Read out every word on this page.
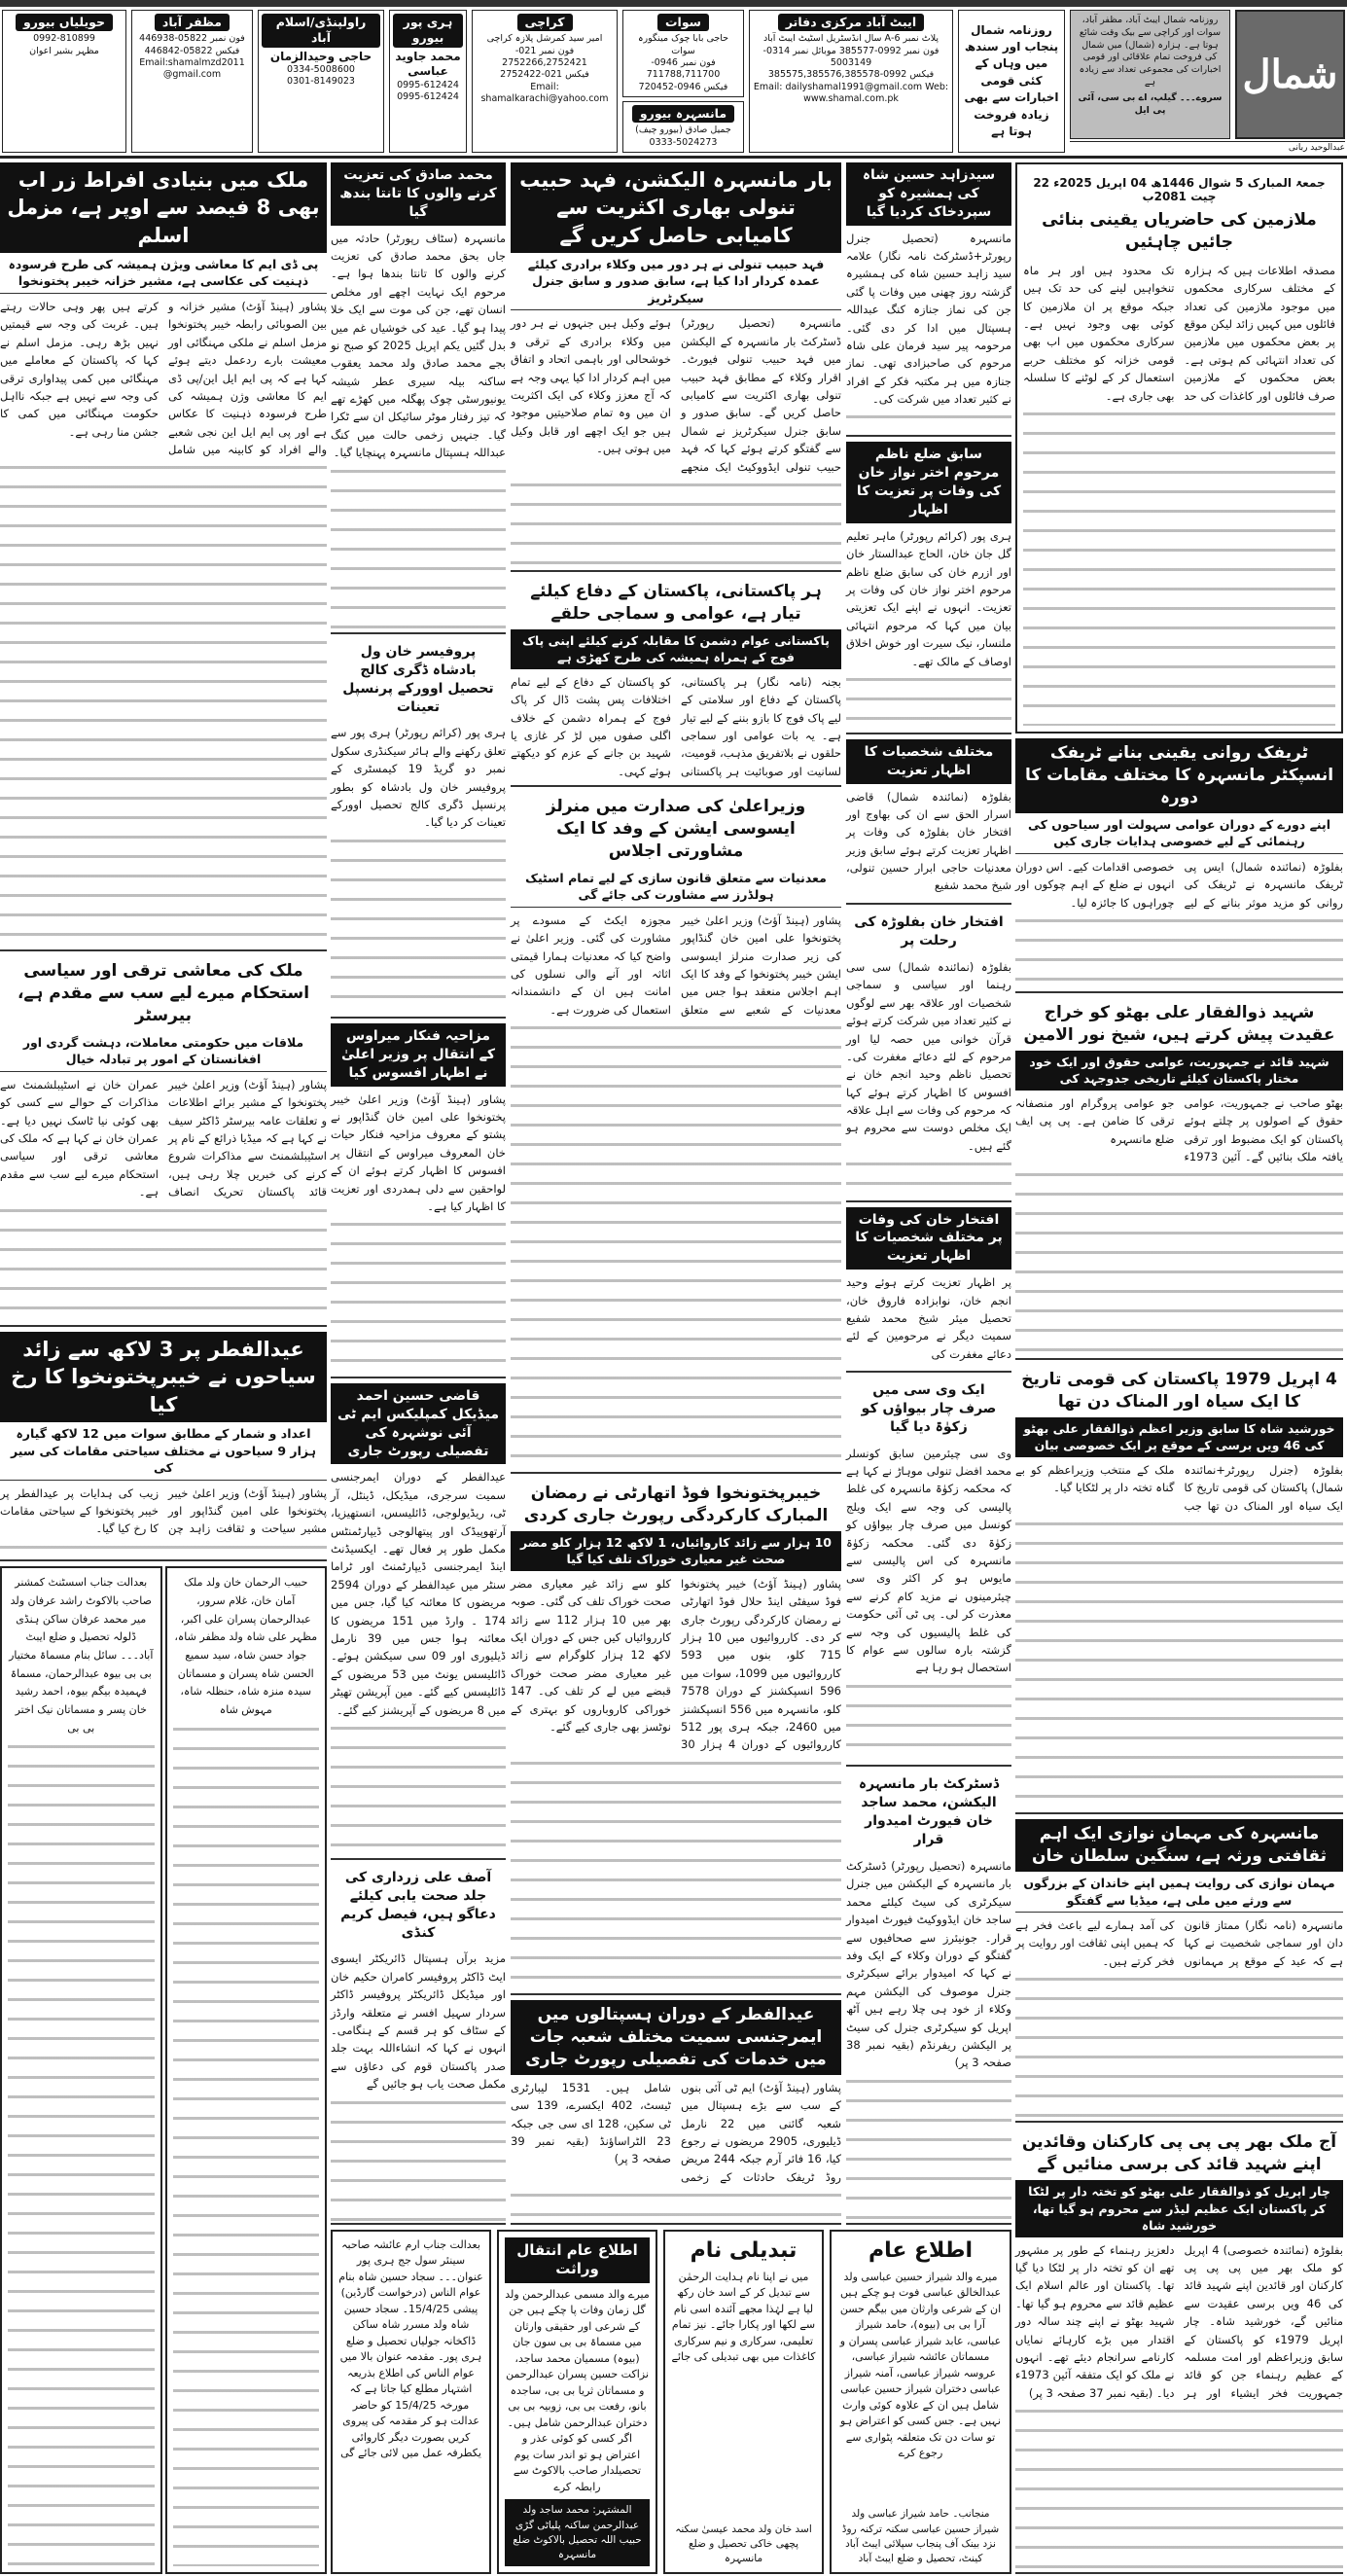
حویلیاں بیورو
0992-810899
مظہر بشیر اعوان
مظفر آباد
فون نمبر 05822-446938
فیکس 05822-446842
Email:shamalmzd2011@gmail.com
راولپنڈی/اسلام آباد
حاجی وحیدالزمان
0334-5008600
0301-8149023
ہری پور بیورو
محمد جاوید عباسی
0995-612424
0995-612424
کراچی
امیر سید کمرشل پلازہ کراچی
فون نمبر 021-2752266,2752421
فیکس 021-2752422
Email: shamalkarachi@yahoo.com
سوات
حاجی بابا چوک مینگورہ سوات
فون نمبر 0946-711788,711700
فیکس 0946-720452
مانسہرہ بیورو
جمیل صادق (بیورو چیف)
0333-5024273
ایبٹ آباد مرکزی دفاتر
پلاٹ نمبر 6-A سال انڈسٹریل اسٹیٹ ایبٹ آباد
فون نمبر 0992-385577 موبائل نمبر 0314-5003149
فیکس 0992-385575,385576,385578
Email: dailyshamal1991@gmail.com Web: www.shamal.com.pk
روزنامہ شمال پنجاب اور سندھ میں وہاں کے کئی قومی اخبارات سے بھی زیادہ فروخت ہوتا ہے
روزنامہ شمال ایبٹ آباد، مظفر آباد، سوات اور کراچی سے بیک وقت شائع ہوتا ہے۔ ہزارہ (شمال) میں شمال کی فروخت تمام علاقائی اور قومی اخبارات کی مجموعی تعداد سے زیادہ ہے
سروے۔۔۔ گیلپ، اے بی سی، آئی پی ایل
شمال
عبدالوحید ربانی
ملک میں بنیادی افراط زر اب بھی 8 فیصد سے اوپر ہے، مزمل اسلم
پی ڈی ایم کا معاشی ویژن ہمیشہ کی طرح فرسودہ ذہنیت کی عکاسی ہے، مشیر خزانہ خیبر پختونخوا

پشاور (ہینڈ آؤٹ) مشیر خزانہ و بین الصوبائی رابطہ خیبر پختونخوا مزمل اسلم نے ملکی مہنگائی اور معیشت بارے ردعمل دیتے ہوئے کہا ہے کہ پی ایم ایل این/پی ڈی ایم کا معاشی وژن ہمیشہ کی طرح فرسودہ ذہنیت کا عکاس ہے اور پی ایم ایل این نجی شعبے والے افراد کو کابینہ میں شامل کرتے ہیں پھر وہی حالات رہتے ہیں۔ غربت کی وجہ سے قیمتیں نہیں بڑھ رہی۔ مزمل اسلم نے کہا کہ پاکستان کے معاملے میں مہنگائی میں کمی پیداواری ترقی کی وجہ سے نہیں ہے جبکہ نااہل حکومت مہنگائی میں کمی کا جشن منا رہی ہے۔

ملک کی معاشی ترقی اور سیاسی استحکام میرے لیے سب سے مقدم ہے، بیرسٹر
ملاقات میں حکومتی معاملات، دہشت گردی اور افغانستان کے امور پر تبادلہ خیال

پشاور (ہینڈ آؤٹ) وزیر اعلیٰ خیبر پختونخوا کے مشیر برائے اطلاعات و تعلقات عامہ بیرسٹر ڈاکٹر سیف نے کہا ہے کہ میڈیا ذرائع کے نام پر اسٹیبلشمنٹ سے مذاکرات شروع کرنے کی خبریں چلا رہی ہیں، قائد پاکستان تحریک انصاف عمران خان نے اسٹیبلشمنٹ سے مذاکرات کے حوالے سے کسی کو بھی کوئی نیا ٹاسک نہیں دیا ہے۔ عمران خان نے کہا ہے کہ ملک کی معاشی ترقی اور سیاسی استحکام میرے لیے سب سے مقدم ہے۔

عیدالفطر پر 3 لاکھ سے زائد سیاحوں نے خیبرپختونخوا کا رخ کیا
اعداد و شمار کے مطابق سوات میں 12 لاکھ گیارہ ہزار 9 سیاحوں نے مختلف سیاحتی مقامات کی سیر کی

پشاور (ہینڈ آؤٹ) وزیر اعلیٰ خیبر پختونخوا علی امین گنڈاپور اور مشیر سیاحت و ثقافت زاہد چن زیب کی ہدایات پر عیدالفطر پر خیبر پختونخوا کے سیاحتی مقامات کا رخ کیا گیا۔

بعدالت جناب اسسٹنٹ کمشنر صاحب بالاکوٹ راشد عرفان ولد میر محمد عرفان ساکن ہنڈی ڈلولہ تحصیل و ضلع ایبٹ آباد۔۔۔ سائل بنام مسماۃ مختیار بی بی بیوہ عبدالرحمان، مسماۃ فہمیدہ بیگم بیوہ، احمد رشید خان پسر و مسماتان نیک اختر بی بی
حبیب الرحمان خان ولد ملک آمان خان، غلام سرور، عبدالرحمان پسران علی اکبر، مظہر علی شاہ ولد مظفر شاہ، جواد حسن شاہ، سید سمیع الحسن شاہ پسران و مسماتان سیدہ منزہ شاہ، حنظلہ شاہ، مہوش شاہ
محمد صادق کی تعزیت کرنے والوں کا تانتا بندھ گیا

مانسہرہ (سٹاف رپورٹر) حادثہ میں جاں بحق محمد صادق کی تعزیت کرنے والوں کا تانتا بندھا ہوا ہے۔ مرحوم ایک نہایت اچھے اور مخلص انسان تھے، جن کی موت سے ایک خلا پیدا ہو گیا۔ عید کی خوشیاں غم میں بدل گئیں یکم اپریل 2025 کو صبح نو بجے محمد صادق ولد محمد یعقوب ساکنہ بیلہ سیری عطر شیشہ یونیورسٹی چوک پھگلہ میں کھڑے تھے کہ تیز رفتار موٹر سائیکل ان سے ٹکرا گیا۔ جنہیں زخمی حالت میں کنگ عبداللہ ہسپتال مانسہرہ پہنچایا گیا۔

پروفیسر خان ول بادشاہ ڈگری کالج تحصیل اوورکے پرنسپل تعینات

ہری پور (کرائم رپورٹر) ہری پور سے تعلق رکھنے والے ہائر سیکنڈری سکول نمبر دو گریڈ 19 کیمسٹری کے پروفیسر خان ول بادشاہ کو بطور پرنسپل ڈگری کالج تحصیل اوورکے تعینات کر دیا گیا۔

مزاحیہ فنکار میراوس کے انتقال پر وزیر اعلیٰ نے اظہار افسوس کیا

پشاور (ہینڈ آؤٹ) وزیر اعلیٰ خیبر پختونخوا علی امین خان گنڈاپور نے پشتو کے معروف مزاحیہ فنکار حیات خان المعروف میراوس کے انتقال پر افسوس کا اظہار کرتے ہوئے ان کے لواحقین سے دلی ہمدردی اور تعزیت کا اظہار کیا ہے۔

قاضی حسین احمد میڈیکل کمپلیکس ایم ٹی آئی نوشہرہ کی تفصیلی رپورٹ جاری

عیدالفطر کے دوران ایمرجنسی سمیت سرجری، میڈیکل، ڈینٹل، آر ٹی، ریڈیولوجی، ڈائلیسس، انستھیزیا، آرتھوپیڈک اور پیتھالوجی ڈیپارٹمنٹس مکمل طور پر فعال تھے۔ ایکسیڈنٹ اینڈ ایمرجنسی ڈیپارٹمنٹ اور ٹراما سنٹر میں عیدالفطر کے دوران 2594 مریضوں کا معائنہ کیا گیا، جس میں 174 ۔ وارڈ میں 151 مریضوں کا معائنہ ہوا جس میں 39 نارمل ڈیلیوری اور 09 سی سیکشن ہوئے۔ ڈائلیسس یونٹ میں 53 مریضوں کے ڈائلیسس کیے گئے۔ مین آپریشن تھیٹر میں 8 مریضوں کے آپریشنز کیے گئے۔

آصف علی زرداری کی جلد صحت یابی کیلئے دعاگو ہیں، فیصل کریم کنڈی

مزید برآں ہسپتال ڈائریکٹر ایسوی ایٹ ڈاکٹر پروفیسر کامران حکیم خان اور میڈیکل ڈائریکٹر پروفیسر ڈاکٹر سردار سہیل افسر نے متعلقہ وارڈز کے سٹاف کو ہر قسم کے ہنگامی۔ انہوں نے کہا کہ انشاءاللہ بہت جلد صدر پاکستان قوم کی دعاؤں سے مکمل صحت یاب ہو جائیں گے

بار مانسہرہ الیکشن، فہد حبیب تنولی بھاری اکثریت سے کامیابی حاصل کریں گے
فہد حبیب تنولی نے ہر دور میں وکلاء برادری کیلئے عمدہ کردار ادا کیا ہے، سابق صدور و سابق جنرل سیکرٹریز

مانسہرہ (تحصیل رپورٹر) ڈسٹرکٹ بار مانسہرہ کے الیکشن میں فہد حبیب تنولی فیورٹ۔ اقرار وکلاء کے مطابق فہد حبیب تنولی بھاری اکثریت سے کامیابی حاصل کریں گے۔ سابق صدور و سابق جنرل سیکرٹریز نے شمال سے گفتگو کرتے ہوئے کہا کہ فہد حبیب تنولی ایڈووکیٹ ایک منجھے ہوئے وکیل ہیں جنہوں نے ہر دور میں وکلاء برادری کے ترقی و خوشحالی اور باہمی اتحاد و اتفاق میں اہم کردار ادا کیا یہی وجہ ہے کہ آج معزز وکلاء کی ایک اکثریت ان میں وہ تمام صلاحیتیں موجود ہیں جو ایک اچھے اور قابل وکیل میں ہوتی ہیں۔

ہر پاکستانی، پاکستان کے دفاع کیلئے تیار ہے، عوامی و سماجی حلقے
پاکستانی عوام دشمن کا مقابلہ کرنے کیلئے اپنی پاک فوج کے ہمراہ ہمیشہ کی طرح کھڑی ہے

بجنہ (نامہ نگار) ہر پاکستانی، پاکستان کے دفاع اور سلامتی کے لیے پاک فوج کا بازو بننے کے لیے تیار ہے۔ یہ بات عوامی اور سماجی حلقوں نے بلاتفریق مذہب، قومیت، لسانیت اور صوبائیت ہر پاکستانی کو پاکستان کے دفاع کے لیے تمام اختلافات پس پشت ڈال کر پاک فوج کے ہمراہ دشمن کے خلاف اگلی صفوں میں لڑ کر غازی یا شہید بن جانے کے عزم کو دیکھتے ہوئے کہی۔

وزیراعلیٰ کی صدارت میں منرلز ایسوسی ایشن کے وفد کا ایک مشاورتی اجلاس
معدنیات سے متعلق قانون سازی کے لیے تمام اسٹیک ہولڈرز سے مشاورت کی جائے گی

پشاور (ہینڈ آؤٹ) وزیر اعلیٰ خیبر پختونخوا علی امین خان گنڈاپور کی زیر صدارت منرلز ایسوسی ایشن خیبر پختونخوا کے وفد کا ایک اہم اجلاس منعقد ہوا جس میں معدنیات کے شعبے سے متعلق مجوزہ ایکٹ کے مسودے پر مشاورت کی گئی۔ وزیر اعلیٰ نے واضح کیا کہ معدنیات ہمارا قیمتی اثاثہ اور آنے والی نسلوں کی امانت ہیں ان کے دانشمندانہ استعمال کی ضرورت ہے۔

خیبرپختونخوا فوڈ اتھارٹی نے رمضان المبارک کارکردگی رپورٹ جاری کردی
10 ہزار سے زائد کاروائیاں، 1 لاکھ 12 ہزار کلو مضر صحت غیر معیاری خوراک تلف کیا گیا

پشاور (ہینڈ آؤٹ) خیبر پختونخوا فوڈ سیفٹی اینڈ حلال فوڈ اتھارٹی نے رمضان کارکردگی رپورٹ جاری کر دی۔ کارروائیوں میں 10 ہزار 715 کلو، بنوں میں 593 کارروائیوں میں 1099، سوات میں 596 انسپکشنز کے دوران 7578 کلو، مانسہرہ میں 556 انسپکشنز میں 2460، جبکہ ہری پور 512 کارروائیوں کے دوران 4 ہزار 30 کلو سے زائد غیر معیاری مضر صحت خوراک تلف کی گئی۔ صوبہ بھر میں 10 ہزار 112 سے زائد کارروائیاں کیں جس کے دوران ایک لاکھ 12 ہزار کلوگرام سے زائد غیر معیاری مضر صحت خوراک قبضے میں لے کر تلف کی۔ 147 خوراکی کاروباروں کو بہتری کے نوٹسز بھی جاری کیے گئے۔

عیدالفطر کے دوران ہسپتالوں میں ایمرجنسی سمیت مختلف شعبہ جات میں خدمات کی تفصیلی رپورٹ جاری

پشاور (ہینڈ آؤٹ) ایم ٹی آئی بنوں کے سب سے بڑے ہسپتال میں شعبہ گائنی میں 22 نارمل ڈیلیوری، 2905 مریضوں نے رجوع کیا، 16 فائر آرم جبکہ 244 مریض روڈ ٹریفک حادثات کے زخمی شامل ہیں۔ 1531 لیبارٹری ٹیسٹ، 402 ایکسرے، 139 سی ٹی سکین، 128 ای سی جی جبکہ 23 الٹراساؤنڈ (بقیہ نمبر 39 صفحہ 3 پر)

سیدزاہد حسین شاہ کی ہمشیرہ کو سپردخاک کردیا گیا

مانسہرہ (تحصیل جنرل رپورٹر+ڈسٹرکٹ نامہ نگار) علامہ سید زاہد حسین شاہ کی ہمشیرہ گزشتہ روز چھنی میں وفات پا گئی جن کی نماز جنازہ کنگ عبداللہ ہسپتال میں ادا کر دی گئی۔ مرحومہ پیر سید فرمان علی شاہ مرحوم کی صاحبزادی تھی۔ نماز جنازہ میں ہر مکتبہ فکر کے افراد نے کثیر تعداد میں شرکت کی۔

سابق ضلع ناظم مرحوم اختر نواز خان کی وفات پر تعزیت کا اظہار

ہری پور (کرائم رپورٹر) ماہر تعلیم گل جان خان، الحاج عبدالستار خان اور ازرم خان کی سابق ضلع ناظم مرحوم اختر نواز خان کی وفات پر تعزیت۔ انہوں نے اپنے ایک تعزیتی بیان میں کہا کہ مرحوم انتہائی ملنسار، نیک سیرت اور خوش اخلاق اوصاف کے مالک تھے۔

مختلف شخصیات کا اظہار تعزیت

بفلوڑہ (نمائندہ شمال) قاضی اسرار الحق سے ان کی بھاوج اور افتخار خان بفلوڑہ کی وفات پر اظہار تعزیت کرتے ہوئے سابق وزیر معدنیات حاجی ابرار حسین تنولی، شیخ محمد شفیع

افتخار خان بفلوڑہ کی رحلت پر

بفلوڑہ (نمائندہ شمال) سی سی رہنما اور سیاسی و سماجی شخصیات اور علاقہ بھر سے لوگوں نے کثیر تعداد میں شرکت کرتے ہوئے قرآن خوانی میں حصہ لیا اور مرحوم کے لئے دعائے مغفرت کی۔ تحصیل ناظم وحید انجم خان نے افسوس کا اظہار کرتے ہوئے کہا کہ مرحوم کی وفات سے اہل علاقہ ایک مخلص دوست سے محروم ہو گئے ہیں۔

افتخار خان کی وفات پر مختلف شخصیات کا اظہار تعزیت

پر اظہار تعزیت کرتے ہوئے وحید انجم خان، نوابزادہ فاروق خان، تحصیل میئر شیخ محمد شفیع سمیت دیگر نے مرحومین کے لئے دعائے مغفرت کی

ایک وی سی میں صرف چار بیواؤں کو زکوٰۃ دیا گیا

وی سی چیئرمین سابق کونسلر محمد افضل تنولی موہاڑ نے کہا ہے کہ محکمہ زکوٰۃ مانسہرہ کی غلط پالیسی کی وجہ سے ایک ویلج کونسل میں صرف چار بیواؤں کو زکوٰۃ دی گئی۔ محکمہ زکوٰۃ مانسہرہ کی اس پالیسی سے مایوس ہو کر اکثر وی سی چیئرمینوں نے مزید کام کرنے سے معذرت کر لی۔ پی ٹی آئی حکومت کی غلط پالیسیوں کی وجہ سے گزشتہ بارہ سالوں سے عوام کا استحصال ہو رہا ہے

ڈسٹرکٹ بار مانسہرہ الیکشن، محمد ساجد خان فیورٹ امیدوار قرار

مانسہرہ (تحصیل رپورٹر) ڈسٹرکٹ بار مانسہرہ کے الیکشن میں جنرل سیکرٹری کی سیٹ کیلئے محمد ساجد خان ایڈووکیٹ فیورٹ امیدوار قرار۔ جونیئرز سے صحافیوں سے گفتگو کے دوران وکلاء کے ایک وفد نے کہا کہ امیدوار برائے سیکرٹری جنرل موصوف کی الیکشن مہم وکلاء از خود ہی چلا رہے ہیں آٹھ اپریل کو سیکرٹری جنرل کی سیٹ پر الیکشن ریفرنڈم (بقیہ نمبر 38 صفحہ 3 پر)

بعدالت جناب ارم عائشہ صاحبہ سینئر سول جج ہری پور عنوان۔۔۔ سجاد حسین شاہ بنام عوام الناس (درخواست گارڈین) پیشی 15/4/25۔ سجاد حسین شاہ ولد مسرر شاہ ساکن ڈاکخانہ جولیاں تحصیل و ضلع ہری پور۔ مقدمہ عنوان بالا میں عوام الناس کی اطلاع بذریعہ اشتہار مطلع کیا جاتا ہے کہ مورخہ 15/4/25 کو حاضر عدالت ہو کر مقدمہ کی پیروی کریں بصورت دیگر کاروائی یکطرفہ عمل میں لائی جائے گی
اطلاع عام انتقال وراثت
میرے والد مسمی عبدالرحمن ولد گل زمان وفات پا چکے ہیں جن کے شرعی اور حقیقی وارثان میں مسماۃ بی بی سون جان (بیوہ) مسمیان محمد ساجد، نزاکت حسین پسران عبدالرحمن و مسماتان ثریا بی بی، ساجدہ بانو، رفعت بی بی، زوبیہ بی بی دختران عبدالرحمن شامل ہیں۔ اگر کسی کو کوئی عذر و اعتراض ہو تو اندر سات یوم تحصیلدار صاحب بالاکوٹ سے رابطہ کرے
المشتہر: محمد ساجد ولد عبدالرحمن ساکنہ پلیاٹی گڑی حبیب اللہ تحصیل بالاکوٹ ضلع مانسہرہ
تبدیلی نام
میں نے اپنا نام ہدایت الرحمٰن سے تبدیل کر کے اسد خان رکھ لیا ہے لہٰذا مجھے آئندہ اسی نام سے لکھا اور پکارا جائے۔ نیز تمام تعلیمی، سرکاری و نیم سرکاری کاغذات میں بھی تبدیلی کی جائے
اسد خان ولد محمد عیسیٰ سکنہ پچھی خاکی تحصیل و ضلع مانسہرہ
اطلاع عام
میرے والد شیراز حسین عباسی ولد عبدالخالق عباسی فوت ہو چکے ہیں ان کے شرعی وارثان میں بیگم حسن آرا بی بی (بیوہ)، حامد شیراز عباسی، عابد شیراز عباسی پسران و مسماتان عائشہ شیراز عباسی، عروسہ شیراز عباسی، آمنہ شیراز عباسی دختران شیراز حسین عباسی شامل ہیں ان کے علاوہ کوئی وارث نہیں ہے۔ جس کسی کو اعتراض ہو تو سات دن تک متعلقہ پٹواری سے رجوع کرے
منجانب۔ حامد شیراز عباسی ولد شیراز حسین عباسی سکنہ ترکنہ روڈ نزد بینک آف پنجاب سپلائی ایبٹ آباد کینٹ، تحصیل و ضلع ایبٹ آباد
جمعۃ المبارک 5 شوال 1446ھ 04 اپریل 2025ء 22 چیت 2081ب
ملازمین کی حاضریاں یقینی بنائی جائیں چاہئیں

مصدقہ اطلاعات ہیں کہ ہزارہ کے مختلف سرکاری محکموں میں موجود ملازمین کی تعداد فائلوں میں کہیں زائد لیکن موقع پر بعض محکموں میں ملازمین کی تعداد انتہائی کم ہوتی ہے۔ بعض محکموں کے ملازمین صرف فائلوں اور کاغذات کی حد تک محدود ہیں اور ہر ماہ تنخواہیں لینے کی حد تک ہیں جبکہ موقع پر ان ملازمین کا کوئی بھی وجود نہیں ہے۔ سرکاری محکموں میں اب بھی قومی خزانہ کو مختلف حربے استعمال کر کے لوٹنے کا سلسلہ بھی جاری ہے۔

ٹریفک روانی یقینی بنانے ٹریفک انسپکٹر مانسہرہ کا مختلف مقامات کا دورہ
اپنے دورے کے دوران عوامی سہولت اور سیاحوں کی رہنمائی کے لیے خصوصی ہدایات جاری کیں

بفلوڑہ (نمائندہ شمال) ایس پی ٹریفک مانسہرہ نے ٹریفک کی روانی کو مزید موثر بنانے کے لیے خصوصی اقدامات کیے۔ اس دوران انہوں نے ضلع کے اہم چوکوں اور چوراہوں کا جائزہ لیا۔

شہید ذوالفقار علی بھٹو کو خراج عقیدت پیش کرتے ہیں، شیخ نور الامین
شہید قائد نے جمہوریت، عوامی حقوق اور ایک خود مختار پاکستان کیلئے تاریخی جدوجہد کی

بھٹو صاحب نے جمہوریت، عوامی حقوق کے اصولوں پر چلتے ہوئے پاکستان کو ایک مضبوط اور ترقی یافتہ ملک بنائیں گے۔ آئین 1973ء جو عوامی پروگرام اور منصفانہ ترقی کا ضامن ہے۔ پی پی ایف ضلع مانسہرہ

4 اپریل 1979 پاکستان کی قومی تاریخ کا ایک سیاہ اور المناک دن تھا
خورشید شاہ کا سابق وزیر اعظم ذوالفقار علی بھٹو کی 46 ویں برسی کے موقع پر ایک خصوصی بیان

بفلوڑہ (جنرل رپورٹر+نمائندہ شمال) پاکستان کی قومی تاریخ کا ایک سیاہ اور المناک دن تھا جب ملک کے منتخب وزیراعظم کو بے گناہ تختہ دار پر لٹکایا گیا۔

مانسہرہ کی مہمان نوازی ایک اہم ثقافتی ورثہ ہے، سنگین سلطان خان
مہمان نوازی کی روایت ہمیں اپنے خاندان کے بزرگوں سے ورثے میں ملی ہے، میڈیا سے گفتگو

مانسہرہ (نامہ نگار) ممتاز قانون دان اور سماجی شخصیت نے کہا ہے کہ عید کے موقع پر مہمانوں کی آمد ہمارے لیے باعث فخر ہے کہ ہمیں اپنی ثقافت اور روایت پر فخر کرتے ہیں۔

آج ملک بھر پی پی پی کارکنان وقائدین اپنے شہید قائد کی برسی منائیں گے
چار اپریل کو ذوالفقار علی بھٹو کو تختہ دار پر لٹکا کر پاکستان ایک عظیم لیڈر سے محروم ہو گیا تھا، خورشید شاہ

بفلوڑہ (نمائندہ خصوصی) 4 اپریل کو ملک بھر میں پی پی پی کارکنان اور قائدین اپنے شہید قائد کی 46 ویں برسی عقیدت سے منائیں گے، خورشید شاہ۔ چار اپریل 1979ء کو پاکستان کے سابق وزیراعظم اور امت مسلمہ کے عظیم رہنماء جن کو قائد جمہوریت فخر ایشیاء اور ہر دلعزیز رہنماء کے طور پر مشہور تھے ان کو تختہ دار پر لٹکا دیا گیا تھا۔ پاکستان اور عالم اسلام ایک عظیم قائد سے محروم ہو گیا تھا۔ شہید بھٹو نے اپنے چند سالہ دور اقتدار میں بڑے کارہائے نمایاں کارنامے سرانجام دیئے تھے۔ انہوں نے ملک کو ایک متفقہ آئین 1973ء دیا۔ (بقیہ نمبر 37 صفحہ 3 پر)
